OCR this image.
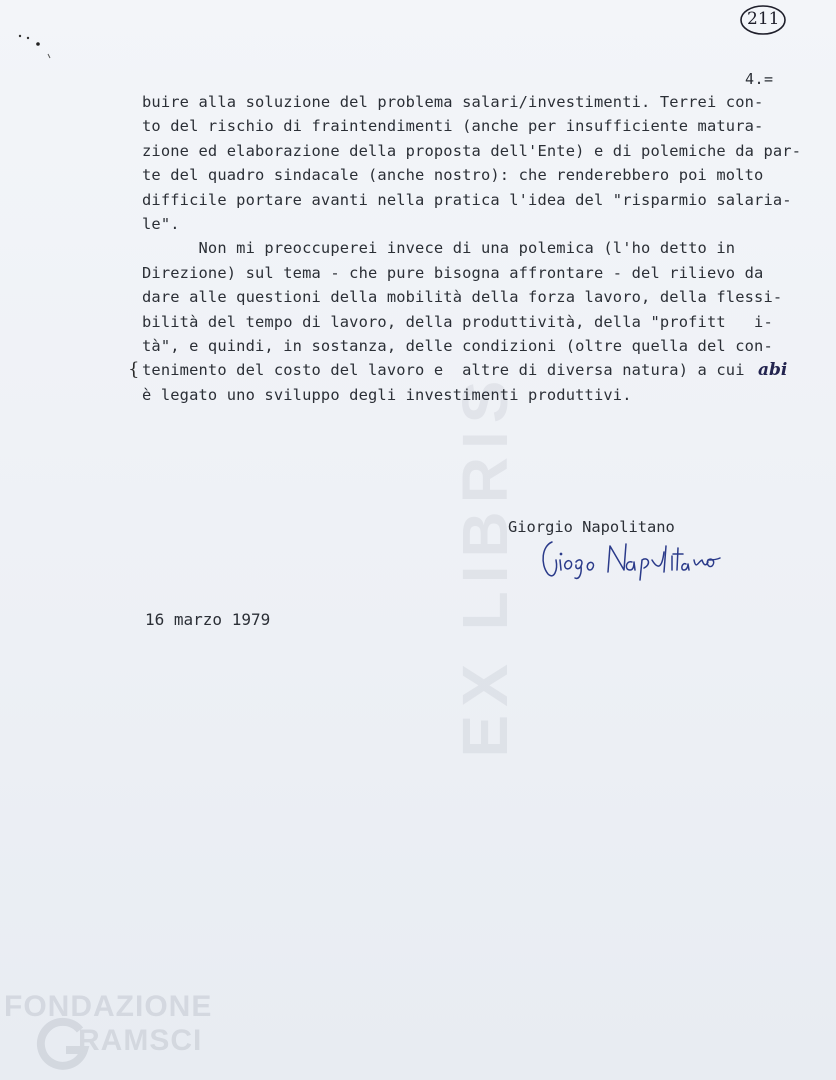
211
EX LIBRIS
4.=
buire alla soluzione del problema salari/investimenti. Terrei con-
to del rischio di fraintendimenti (anche per insufficiente matura-
zione ed elaborazione della proposta dell'Ente) e di polemiche da par-
te del quadro sindacale (anche nostro): che renderebbero poi molto
difficile portare avanti nella pratica l'idea del "risparmio salaria-
le".
Non mi preoccuperei invece di una polemica (l'ho detto in
Direzione) sul tema - che pure bisogna affrontare - del rilievo da
dare alle questioni della mobilità della forza lavoro, della flessi-
bilità del tempo di lavoro, della produttività, della "profitt   i-
tà", e quindi, in sostanza, delle condizioni (oltre quella del con-
tenimento del costo del lavoro e  altre di diversa natura) a cui
è legato uno sviluppo degli investimenti produttivi.
{	abi
Giorgio Napolitano
16 marzo 1979
FONDAZIONE
RAMSCI
